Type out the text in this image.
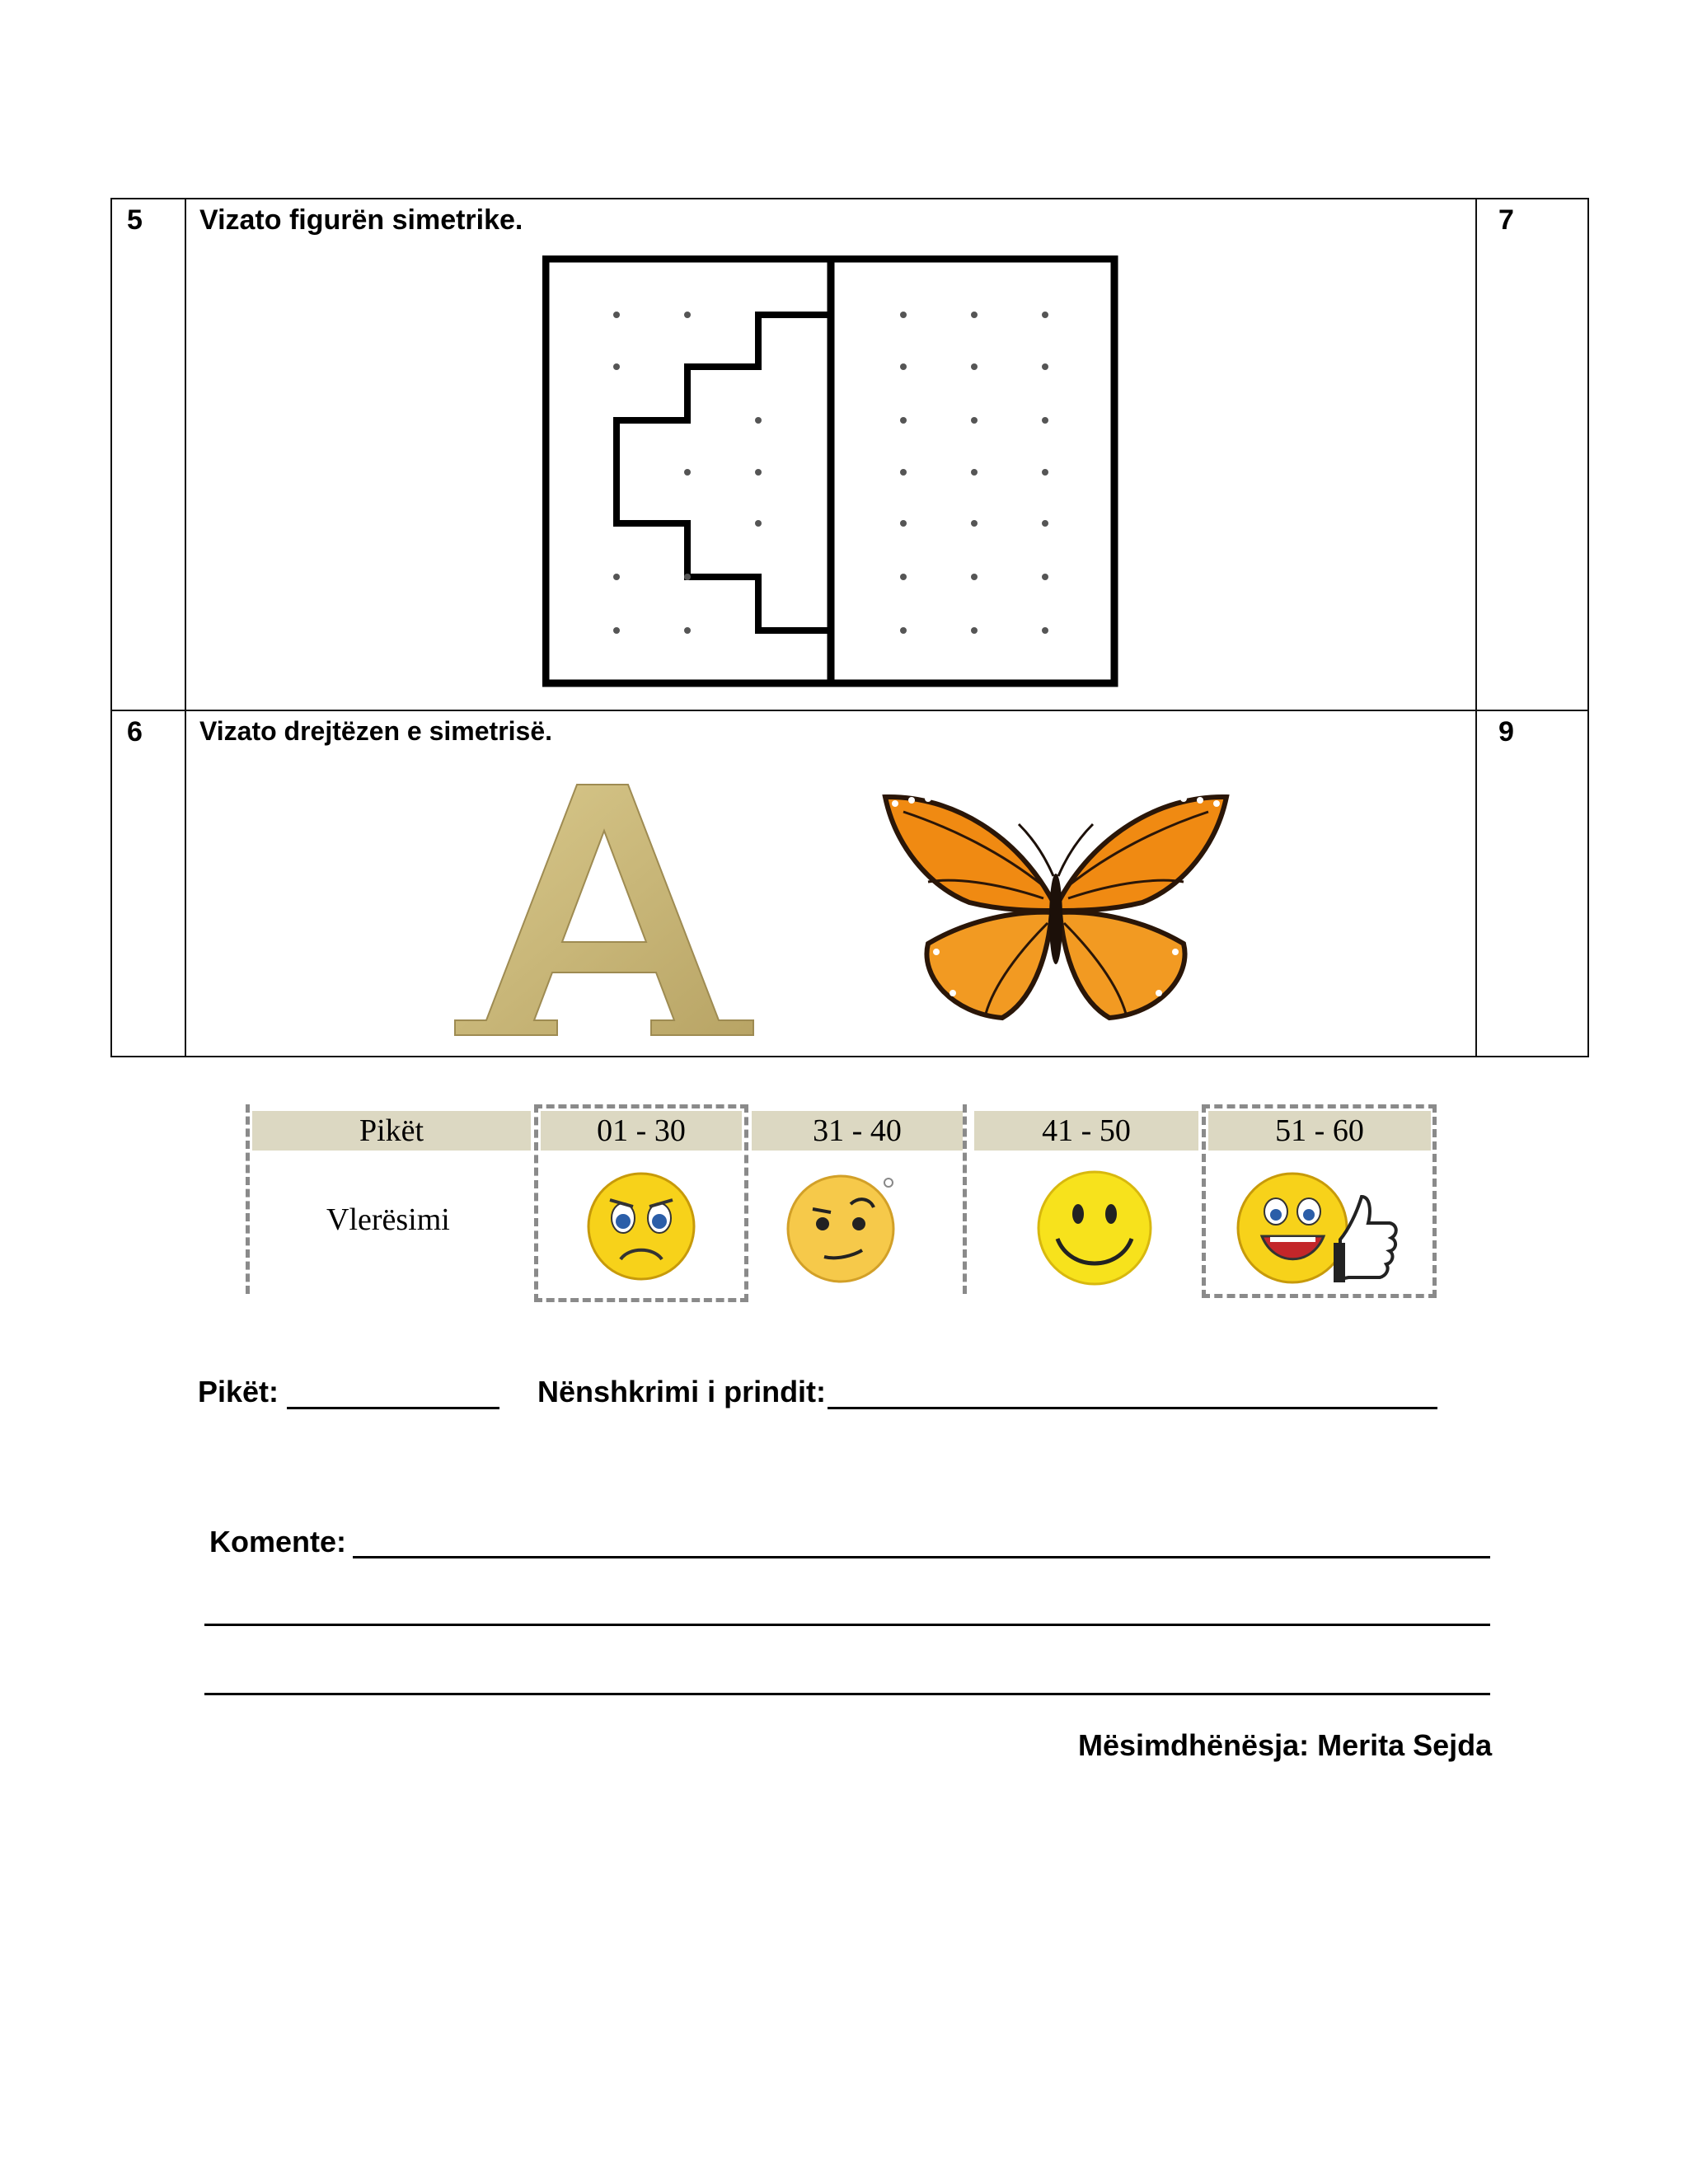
5	Vizato figurën simetrike.	7

6	Vizato drejtëzen e simetrisë.	9
Pikët	01 - 30	31 - 40	41 - 50	51 - 60
Vlerësimi
Pikët:	Nënshkrimi i prindit:
Komente:
Mësimdhënësja: Merita Sejda
